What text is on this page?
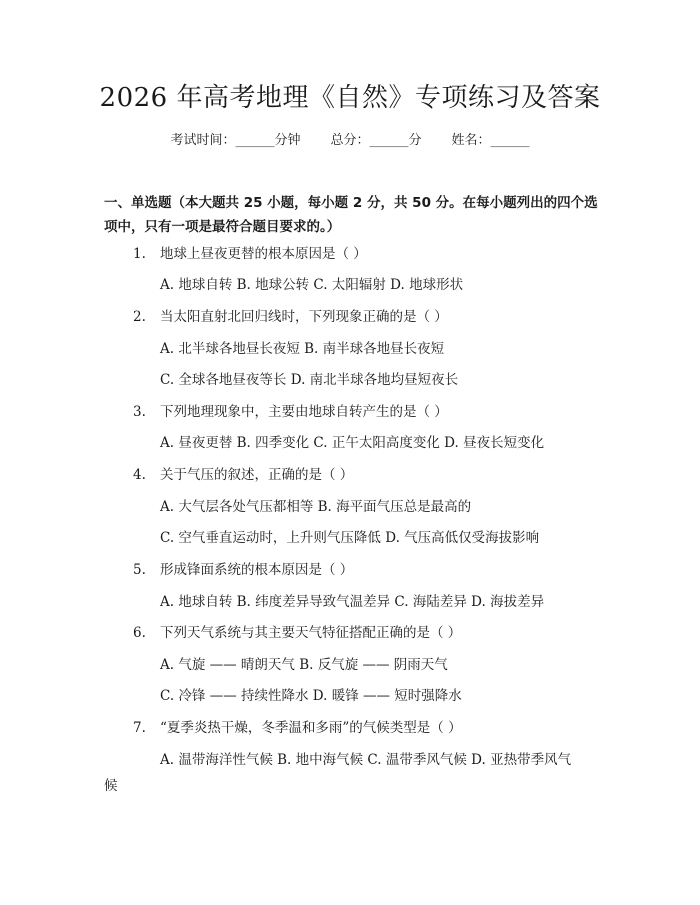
2026 年高考地理《自然》专项练习及答案
考试时间：______分钟 总分：______分 姓名：______
一、单选题（本大题共 25 小题，每小题 2 分，共 50 分。在每小题列出的四个选
项中，只有一项是最符合题目要求的。）
1. 地球上昼夜更替的根本原因是（ ）
A. 地球自转 B. 地球公转 C. 太阳辐射 D. 地球形状
2. 当太阳直射北回归线时，下列现象正确的是（ ）
A. 北半球各地昼长夜短 B. 南半球各地昼长夜短
C. 全球各地昼夜等长 D. 南北半球各地均昼短夜长
3. 下列地理现象中，主要由地球自转产生的是（ ）
A. 昼夜更替 B. 四季变化 C. 正午太阳高度变化 D. 昼夜长短变化
4. 关于气压的叙述，正确的是（ ）
A. 大气层各处气压都相等 B. 海平面气压总是最高的
C. 空气垂直运动时，上升则气压降低 D. 气压高低仅受海拔影响
5. 形成锋面系统的根本原因是（ ）
A. 地球自转 B. 纬度差异导致气温差异 C. 海陆差异 D. 海拔差异
6. 下列天气系统与其主要天气特征搭配正确的是（ ）
A. 气旋 —— 晴朗天气 B. 反气旋 —— 阴雨天气
C. 冷锋 —— 持续性降水 D. 暖锋 —— 短时强降水
7. “夏季炎热干燥，冬季温和多雨”的气候类型是（ ）
A. 温带海洋性气候 B. 地中海气候 C. 温带季风气候 D. 亚热带季风气
候
